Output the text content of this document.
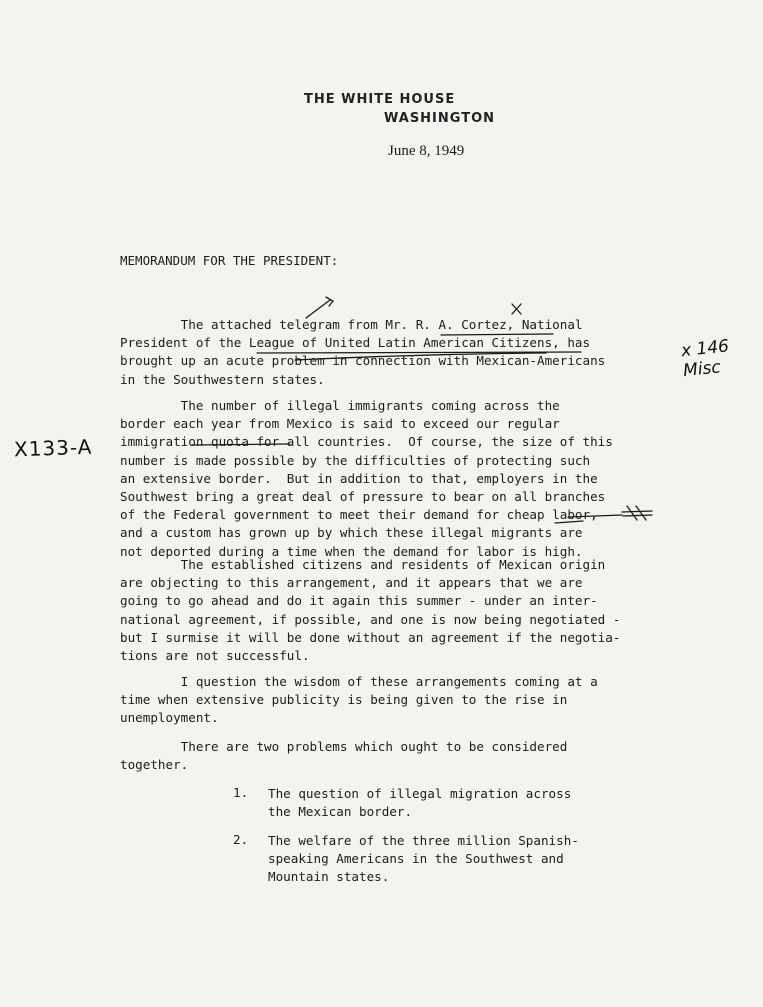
THE WHITE HOUSE
WASHINGTON
June 8, 1949
MEMORANDUM FOR THE PRESIDENT:
The attached telegram from Mr. R. A. Cortez, National
President of the League of United Latin American Citizens, has
brought up an acute problem in connection with Mexican-Americans
in the Southwestern states.
The number of illegal immigrants coming across the
border each year from Mexico is said to exceed our regular
immigration quota for all countries.  Of course, the size of this
number is made possible by the difficulties of protecting such
an extensive border.  But in addition to that, employers in the
Southwest bring a great deal of pressure to bear on all branches
of the Federal government to meet their demand for cheap labor,
and a custom has grown up by which these illegal migrants are
not deported during a time when the demand for labor is high.
The established citizens and residents of Mexican origin
are objecting to this arrangement, and it appears that we are
going to go ahead and do it again this summer - under an inter-
national agreement, if possible, and one is now being negotiated -
but I surmise it will be done without an agreement if the negotia-
tions are not successful.
I question the wisdom of these arrangements coming at a
time when extensive publicity is being given to the rise in
unemployment.
There are two problems which ought to be considered
together.
1. The question of illegal migration across
the Mexican border.
2. The welfare of the three million Spanish-
speaking Americans in the Southwest and
Mountain states.
X133-A
x 146 Misc
